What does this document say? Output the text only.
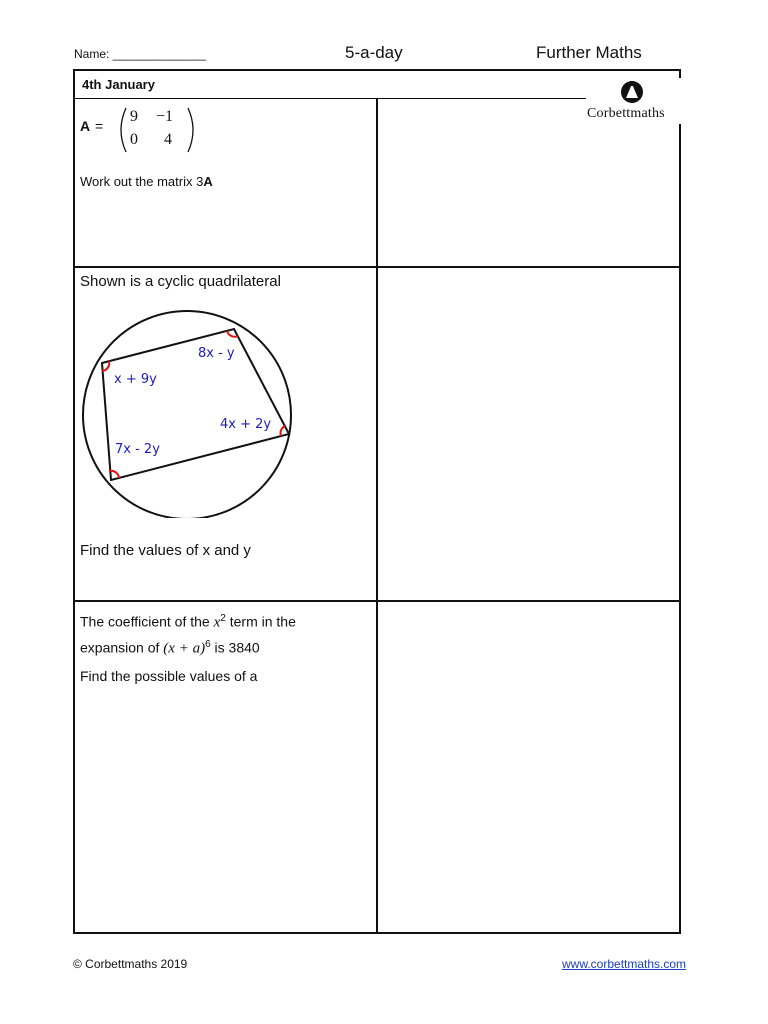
Name: ______________	5-a-day	Further Maths
4th January
Corbettmaths
A =
9 −1
0 4
Work out the matrix 3A
Shown is a cyclic quadrilateral
8x - y
x + 9y
4x + 2y
7x - 2y
Find the values of x and y
The coefficient of the $x^2$ term in the
expansion of $(x + a)^6$ is 3840
Find the possible values of a
© Corbettmaths 2019	www.corbettmaths.com
